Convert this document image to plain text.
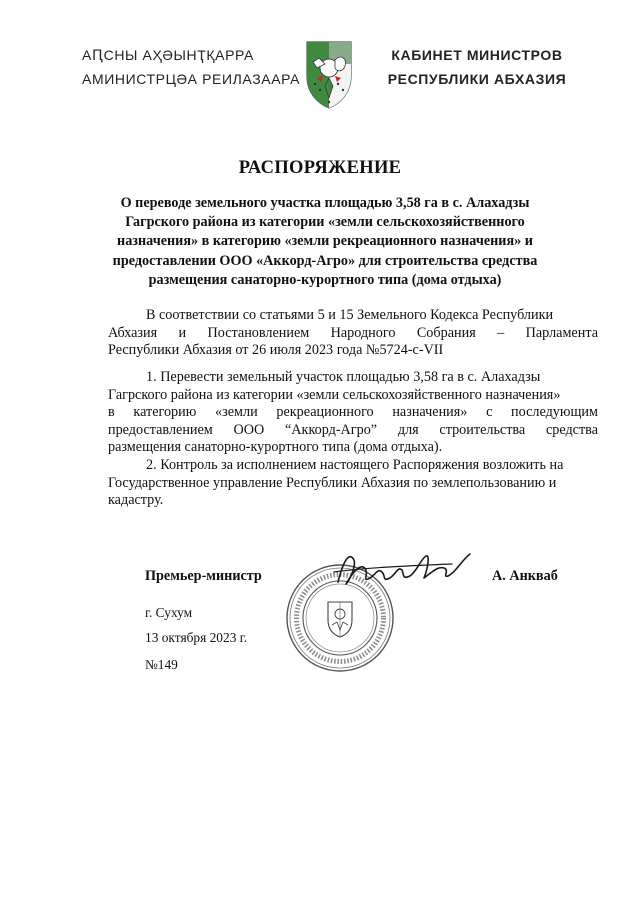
АԤСНЫ АҲӘЫНҬҚАРРА
АМИНИСТРЦӘА РЕИЛАЗААРА
КАБИНЕТ МИНИСТРОВ
РЕСПУБЛИКИ АБХАЗИЯ
РАСПОРЯЖЕНИЕ
О переводе земельного участка площадью 3,58 га в с. Алахадзы
Гагрского района из категории «земли сельскохозяйственного
назначения» в категорию «земли рекреационного назначения» и
предоставлении ООО «Аккорд-Агро» для строительства средства
размещения санаторно-курортного типа (дома отдыха)
В соответствии со статьями 5 и 15 Земельного Кодекса Республики
Абхазия и Постановлением Народного Собрания – Парламента
Республики Абхазия от 26 июля 2023 года №5724-с-VII
1. Перевести земельный участок площадью 3,58 га в с. Алахадзы
Гагрского района из категории «земли сельскохозяйственного назначения»
в категорию «земли рекреационного назначения» с последующим
предоставлением ООО “Аккорд-Агро” для строительства средства
размещения санаторно-курортного типа (дома отдыха).
2. Контроль за исполнением настоящего Распоряжения возложить на
Государственное управление Республики Абхазия по землепользованию и
кадастру.
Премьер-министр	А. Анкваб
г. Сухум
13 октября 2023 г.
№149
